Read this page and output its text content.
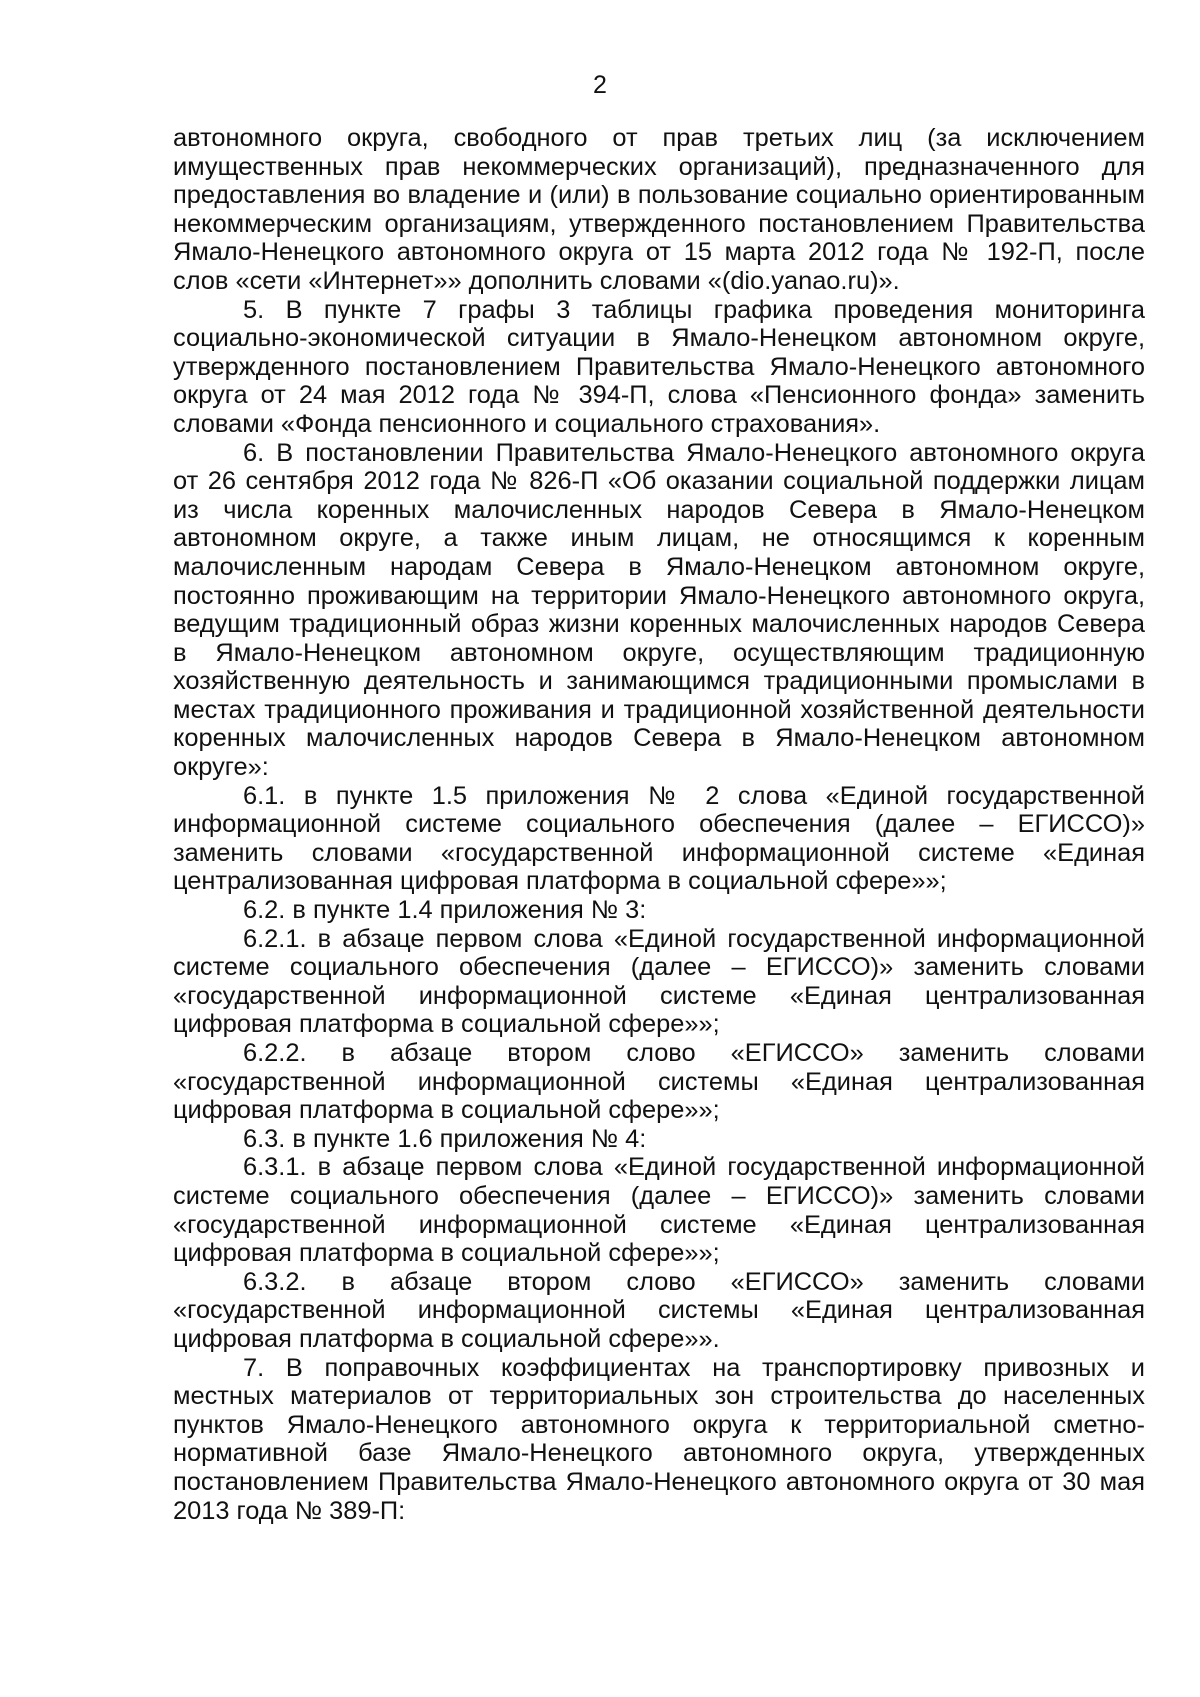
2

автономного округа, свободного от прав третьих лиц (за исключением имущественных прав некоммерческих организаций), предназначенного для предоставления во владение и (или) в пользование социально ориентированным некоммерческим организациям, утвержденного постановлением Правительства Ямало-Ненецкого автономного округа от 15 марта 2012 года № 192-П, после слов «сети «Интернет»» дополнить словами «(dio.yanao.ru)».

5. В пункте 7 графы 3 таблицы графика проведения мониторинга социально-экономической ситуации в Ямало-Ненецком автономном округе, утвержденного постановлением Правительства Ямало-Ненецкого автономного округа от 24 мая 2012 года № 394-П, слова «Пенсионного фонда» заменить словами «Фонда пенсионного и социального страхования».

6. В постановлении Правительства Ямало-Ненецкого автономного округа от 26 сентября 2012 года № 826-П «Об оказании социальной поддержки лицам из числа коренных малочисленных народов Севера в Ямало-Ненецком автономном округе, а также иным лицам, не относящимся к коренным малочисленным народам Севера в Ямало-Ненецком автономном округе, постоянно проживающим на территории Ямало-Ненецкого автономного округа, ведущим традиционный образ жизни коренных малочисленных народов Севера в Ямало-Ненецком автономном округе, осуществляющим традиционную хозяйственную деятельность и занимающимся традиционными промыслами в местах традиционного проживания и традиционной хозяйственной деятельности коренных малочисленных народов Севера в Ямало-Ненецком автономном округе»:

6.1. в пункте 1.5 приложения № 2 слова «Единой государственной информационной системе социального обеспечения (далее – ЕГИССО)» заменить словами «государственной информационной системе «Единая централизованная цифровая платформа в социальной сфере»»;

6.2. в пункте 1.4 приложения № 3:

6.2.1. в абзаце первом слова «Единой государственной информационной системе социального обеспечения (далее – ЕГИССО)» заменить словами «государственной информационной системе «Единая централизованная цифровая платформа в социальной сфере»»;

6.2.2. в абзаце втором слово «ЕГИССО» заменить словами «государственной информационной системы «Единая централизованная цифровая платформа в социальной сфере»»;

6.3. в пункте 1.6 приложения № 4:

6.3.1. в абзаце первом слова «Единой государственной информационной системе социального обеспечения (далее – ЕГИССО)» заменить словами «государственной информационной системе «Единая централизованная цифровая платформа в социальной сфере»»;

6.3.2. в абзаце втором слово «ЕГИССО» заменить словами «государственной информационной системы «Единая централизованная цифровая платформа в социальной сфере»».

7. В поправочных коэффициентах на транспортировку привозных и местных материалов от территориальных зон строительства до населенных пунктов Ямало-Ненецкого автономного округа к территориальной сметно-нормативной базе Ямало-Ненецкого автономного округа, утвержденных постановлением Правительства Ямало-Ненецкого автономного округа от 30 мая 2013 года № 389-П:
